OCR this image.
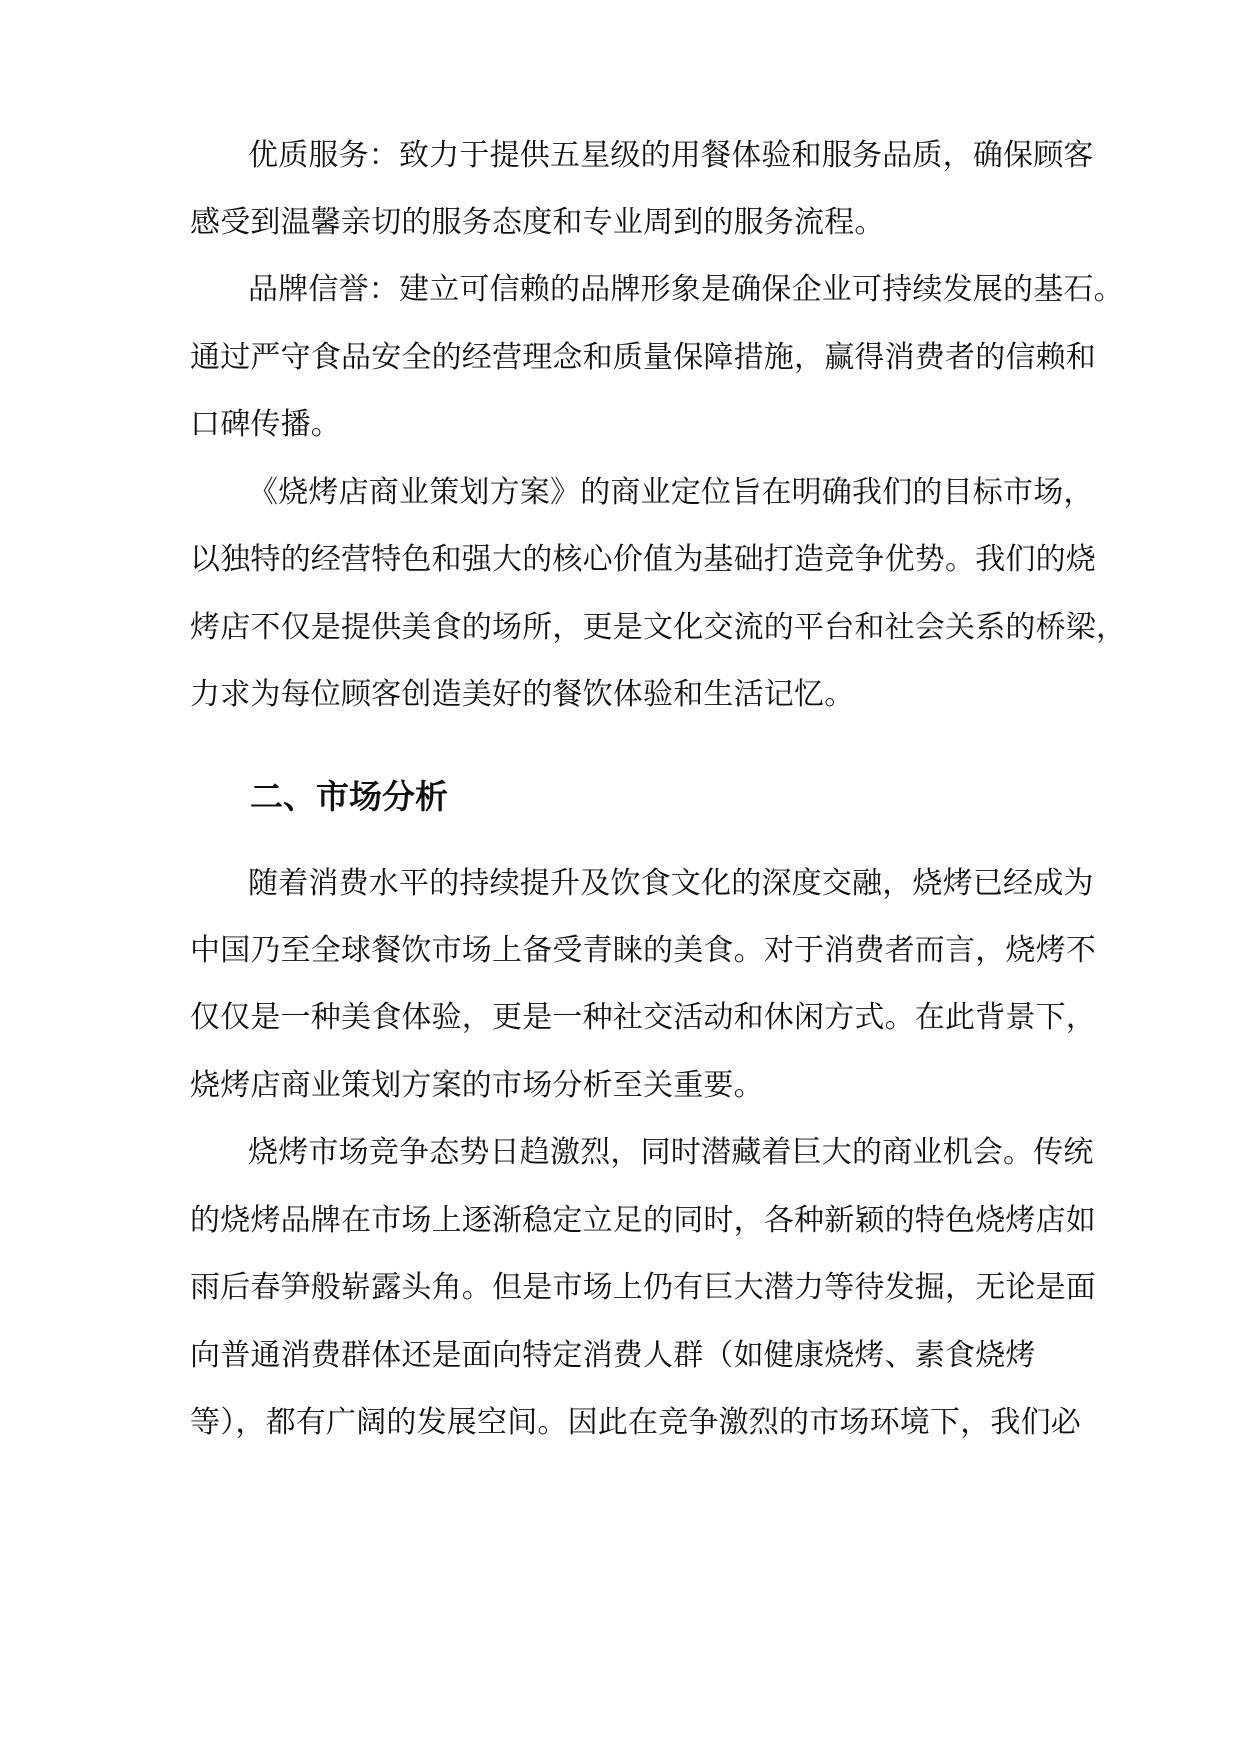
优质服务：致力于提供五星级的用餐体验和服务品质，确保顾客
感受到温馨亲切的服务态度和专业周到的服务流程。
品牌信誉：建立可信赖的品牌形象是确保企业可持续发展的基石。
通过严守食品安全的经营理念和质量保障措施，赢得消费者的信赖和
口碑传播。
《烧烤店商业策划方案》的商业定位旨在明确我们的目标市场，
以独特的经营特色和强大的核心价值为基础打造竞争优势。我们的烧
烤店不仅是提供美食的场所，更是文化交流的平台和社会关系的桥梁，
力求为每位顾客创造美好的餐饮体验和生活记忆。
二、市场分析
随着消费水平的持续提升及饮食文化的深度交融，烧烤已经成为
中国乃至全球餐饮市场上备受青睐的美食。对于消费者而言，烧烤不
仅仅是一种美食体验，更是一种社交活动和休闲方式。在此背景下，
烧烤店商业策划方案的市场分析至关重要。
烧烤市场竞争态势日趋激烈，同时潜藏着巨大的商业机会。传统
的烧烤品牌在市场上逐渐稳定立足的同时，各种新颖的特色烧烤店如
雨后春笋般崭露头角。但是市场上仍有巨大潜力等待发掘，无论是面
向普通消费群体还是面向特定消费人群（如健康烧烤、素食烧烤
等），都有广阔的发展空间。因此在竞争激烈的市场环境下，我们必
